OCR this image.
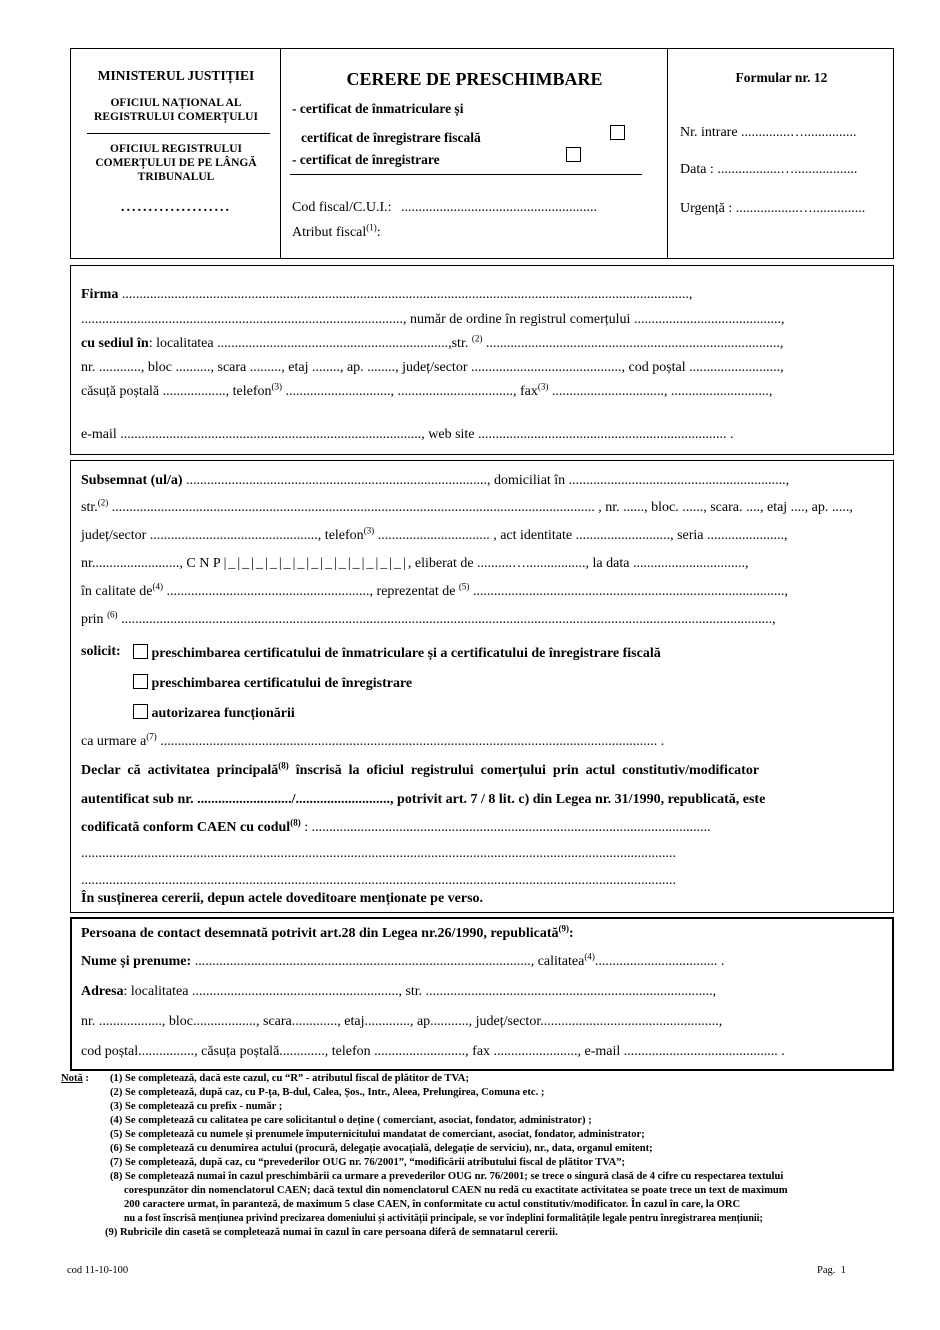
MINISTERUL JUSTIȚIEI
OFICIUL NAȚIONAL AL
REGISTRULUI COMERȚULUI
OFICIUL REGISTRULUI
COMERȚULUI DE PE LÂNGĂ
TRIBUNALUL
....................
CERERE DE PRESCHIMBARE
- certificat de înmatriculare și
certificat de înregistrare fiscală
- certificat de înregistrare
Cod fiscal/C.U.I.: ........................................................
Atribut fiscal$^{(1)}$:
Formular nr. 12
Nr. intrare ..............…...............
Data : ..................…..................
Urgență : ..................…...............
Firma ..................................................................................................................................................................,
............................................................................................, număr de ordine în registrul comerțului ..........................................,
cu sediul în: localitatea ..................................................................,str. $^{(2)}$ ....................................................................................,
nr. ............, bloc .........., scara ........., etaj ........, ap. ........, județ/sector ..........................................., cod poștal ..........................,
căsuță poștală .................., telefon$^{(3)}$ .............................., ................................., fax$^{(3)}$ ................................, ............................,
e-mail ......................................................................................, web site ....................................................................... .
Subsemnat (ul/a) ......................................................................................, domiciliat în ..............................................................,
str.$^{(2)}$ .......................................................................................................................................... , nr. ......, bloc. ......, scara. ...., etaj ...., ap. .....,
județ/sector ................................................, telefon$^{(3)}$ ................................ , act identitate ..........................., seria ......................,
nr........................., C N P |_|_|_|_|_|_|_|_|_|_|_|_|_|, eliberat de ..........…................., la data ................................,
în calitate $de^{(4)}$ .........................................................., reprezentat de $^{(5)}$ .........................................................................................,
prin $^{(6)}$ ..........................................................................................................................................................................................,
solicit:	preschimbarea certificatului de înmatriculare și a certificatului de înregistrare fiscală
preschimbarea certificatului de înregistrare
autorizarea funcționării
ca urmare $a^{(7)}$ .............................................................................................................................................. .
Declar  că  activitatea  principală$^{(8)}$  înscrisă  la  oficiul  registrului  comerțului  prin  actul  constitutiv/modificator
autentificat sub nr. .........................../..........................., potrivit art. 7 / 8 lit. c) din Legea nr. 31/1990, republicată, este
codificată conform CAEN cu codul$^{(8)}$ : ..................................................................................................................
..........................................................................................................................................................................
..........................................................................................................................................................................
În susținerea cererii, depun actele doveditoare menționate pe verso.
Persoana de contact desemnată potrivit art.28 din Legea nr.26/1990, republicată$^{(9)}$:
Nume și prenume: ................................................................................................, calitatea$^{(4)}$................................... .
Adresa: localitatea ..........................................................., str. ..................................................................................,
nr. .................., bloc.................., scara............., etaj............., ap..........., județ/sector...................................................,
cod poștal................, căsuța poștală............., telefon .........................., fax ........................, e-mail ............................................ .
Notă : (1) Se completează, dacă este cazul, cu “R” - atributul fiscal de plătitor de TVA;
(2) Se completează, după caz, cu P-ța, B-dul, Calea, Șos., Intr., Aleea, Prelungirea, Comuna etc. ;
(3) Se completează cu prefix - număr ;
(4) Se completează cu calitatea pe care solicitantul o deține ( comerciant, asociat, fondator, administrator) ;
(5) Se completează cu numele și prenumele împuternicitului mandatat de comerciant, asociat, fondator, administrator;
(6) Se completează cu denumirea actului (procură, delegație avocațială, delegație de serviciu), nr., data, organul emitent;
(7) Se completează, după caz, cu “prevederilor OUG nr. 76/2001”, “modificării atributului fiscal de plătitor TVA”;
(8) Se completează numai în cazul preschimbării ca urmare a prevederilor OUG nr. 76/2001; se trece o singură clasă de 4 cifre cu respectarea textului
corespunzător din nomenclatorul CAEN; dacă textul din nomenclatorul CAEN nu redă cu exactitate activitatea se poate trece un text de maximum
200 caractere urmat, în paranteză, de maximum 5 clase CAEN, în conformitate cu actul constitutiv/modificator. În cazul în care, la ORC
nu a fost înscrisă mențiunea privind precizarea domeniului și activității principale, se vor îndeplini formalitățile legale pentru înregistrarea mențiunii;
(9) Rubricile din casetă se completează numai în cazul în care persoana diferă de semnatarul cererii.
cod 11-10-100	Pag.  1
